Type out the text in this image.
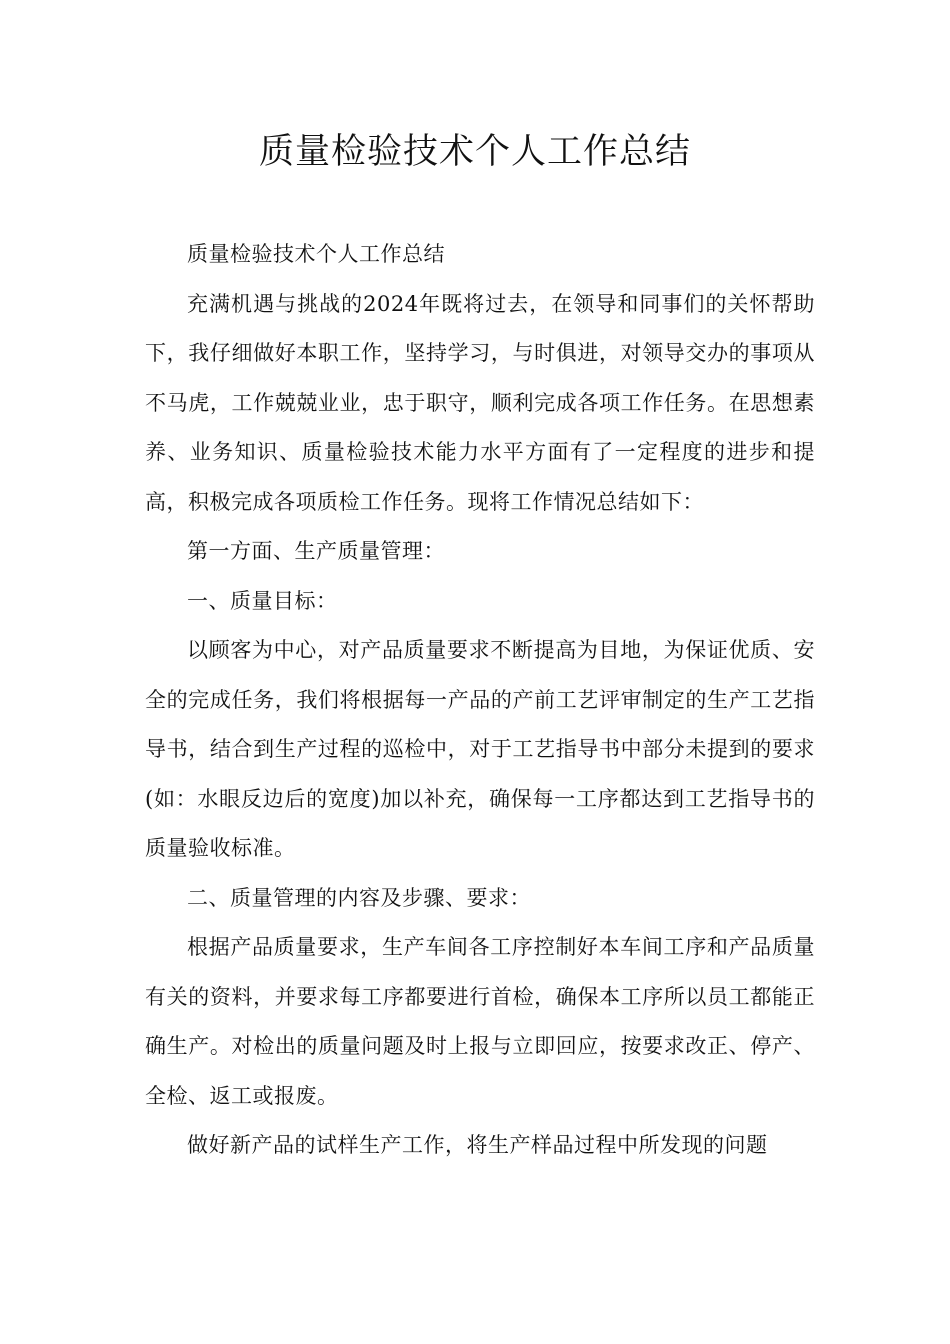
质量检验技术个人工作总结

质量检验技术个人工作总结

充满机遇与挑战的2024年既将过去，在领导和同事们的关怀帮助下，我仔细做好本职工作，坚持学习，与时俱进，对领导交办的事项从不马虎，工作兢兢业业，忠于职守，顺利完成各项工作任务。在思想素养、业务知识、质量检验技术能力水平方面有了一定程度的进步和提高，积极完成各项质检工作任务。现将工作情况总结如下：

第一方面、生产质量管理：

一、质量目标：

以顾客为中心，对产品质量要求不断提高为目地，为保证优质、安全的完成任务，我们将根据每一产品的产前工艺评审制定的生产工艺指导书，结合到生产过程的巡检中，对于工艺指导书中部分未提到的要求(如：水眼反边后的宽度)加以补充，确保每一工序都达到工艺指导书的质量验收标准。

二、质量管理的内容及步骤、要求：

根据产品质量要求，生产车间各工序控制好本车间工序和产品质量有关的资料，并要求每工序都要进行首检，确保本工序所以员工都能正确生产。对检出的质量问题及时上报与立即回应，按要求改正、停产、全检、返工或报废。

做好新产品的试样生产工作，将生产样品过程中所发现的问题
